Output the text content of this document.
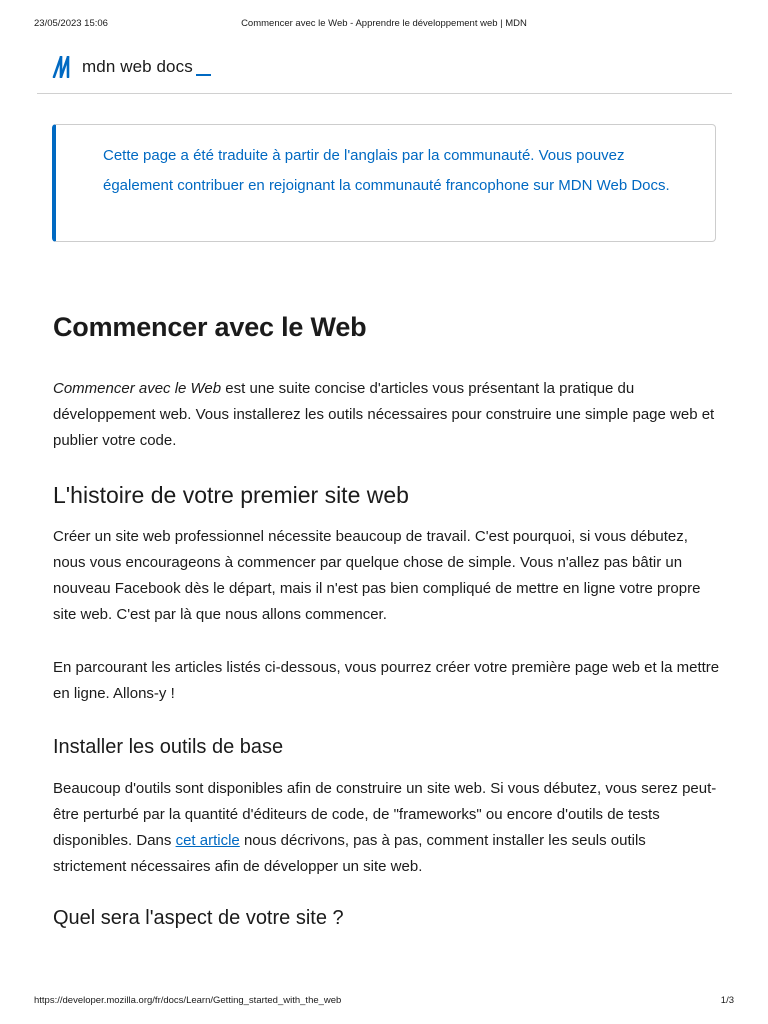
23/05/2023 15:06	Commencer avec le Web - Apprendre le développement web | MDN
mdn web docs

Cette page a été traduite à partir de l'anglais par la communauté. Vous pouvez également contribuer en rejoignant la communauté francophone sur MDN Web Docs.

Commencer avec le Web

Commencer avec le Web est une suite concise d'articles vous présentant la pratique du développement web. Vous installerez les outils nécessaires pour construire une simple page web et publier votre code.

L'histoire de votre premier site web

Créer un site web professionnel nécessite beaucoup de travail. C'est pourquoi, si vous débutez, nous vous encourageons à commencer par quelque chose de simple. Vous n'allez pas bâtir un nouveau Facebook dès le départ, mais il n'est pas bien compliqué de mettre en ligne votre propre site web. C'est par là que nous allons commencer.

En parcourant les articles listés ci-dessous, vous pourrez créer votre première page web et la mettre en ligne. Allons-y !

Installer les outils de base

Beaucoup d'outils sont disponibles afin de construire un site web. Si vous débutez, vous serez peut-être perturbé par la quantité d'éditeurs de code, de "frameworks" ou encore d'outils de tests disponibles. Dans cet article nous décrivons, pas à pas, comment installer les seuls outils strictement nécessaires afin de développer un site web.

Quel sera l'aspect de votre site ?
https://developer.mozilla.org/fr/docs/Learn/Getting_started_with_the_web	1/3
